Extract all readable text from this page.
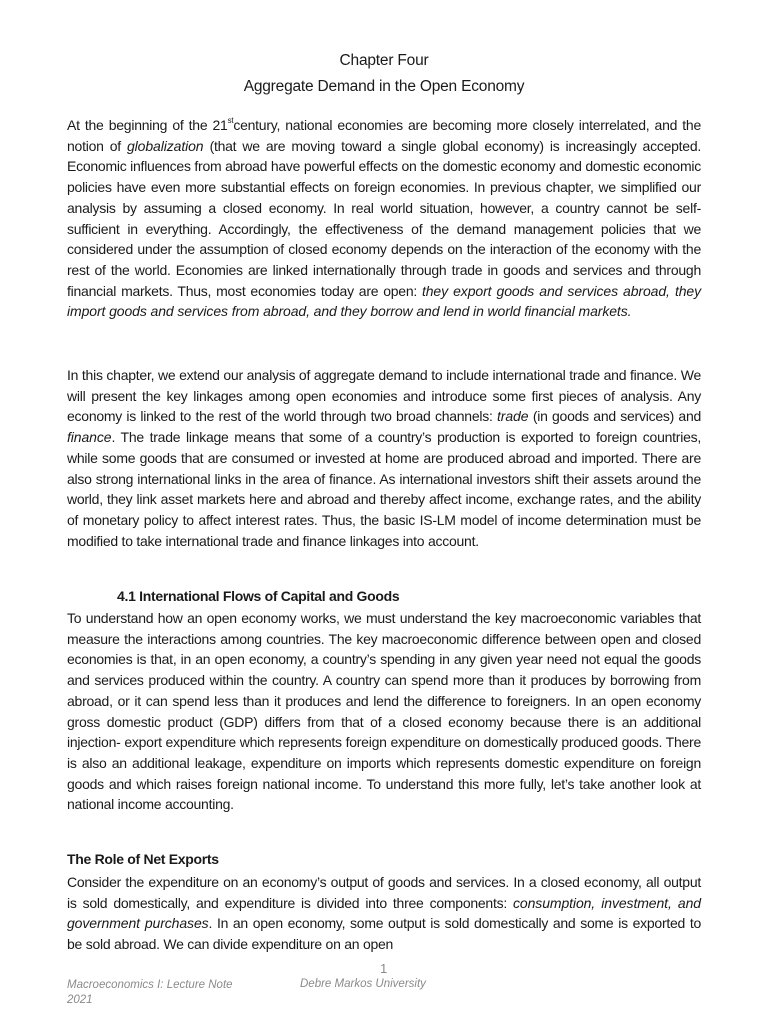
Chapter Four
Aggregate Demand in the Open Economy

At the beginning of the 21stcentury, national economies are becoming more closely interrelated, and the notion of globalization (that we are moving toward a single global economy) is increasingly accepted. Economic influences from abroad have powerful effects on the domestic economy and domestic economic policies have even more substantial effects on foreign economies. In previous chapter, we simplified our analysis by assuming a closed economy. In real world situation, however, a country cannot be self-sufficient in everything. Accordingly, the effectiveness of the demand management policies that we considered under the assumption of closed economy depends on the interaction of the economy with the rest of the world. Economies are linked internationally through trade in goods and services and through financial markets. Thus, most economies today are open: they export goods and services abroad, they import goods and services from abroad, and they borrow and lend in world financial markets.

In this chapter, we extend our analysis of aggregate demand to include international trade and finance. We will present the key linkages among open economies and introduce some first pieces of analysis. Any economy is linked to the rest of the world through two broad channels: trade (in goods and services) and finance. The trade linkage means that some of a country’s production is exported to foreign countries, while some goods that are consumed or invested at home are produced abroad and imported. There are also strong international links in the area of finance. As international investors shift their assets around the world, they link asset markets here and abroad and thereby affect income, exchange rates, and the ability of monetary policy to affect interest rates. Thus, the basic IS-LM model of income determination must be modified to take international trade and finance linkages into account.

4.1 International Flows of Capital and Goods

To understand how an open economy works, we must understand the key macroeconomic variables that measure the interactions among countries. The key macroeconomic difference between open and closed economies is that, in an open economy, a country’s spending in any given year need not equal the goods and services produced within the country. A country can spend more than it produces by borrowing from abroad, or it can spend less than it produces and lend the difference to foreigners. In an open economy gross domestic product (GDP) differs from that of a closed economy because there is an additional injection- export expenditure which represents foreign expenditure on domestically produced goods. There is also an additional leakage, expenditure on imports which represents domestic expenditure on foreign goods and which raises foreign national income. To understand this more fully, let’s take another look at national income accounting.

The Role of Net Exports

Consider the expenditure on an economy’s output of goods and services. In a closed economy, all output is sold domestically, and expenditure is divided into three components: consumption, investment, and government purchases. In an open economy, some output is sold domestically and some is exported to be sold abroad. We can divide expenditure on an open

1
Macroeconomics I: Lecture Note
2021
Debre Markos University
